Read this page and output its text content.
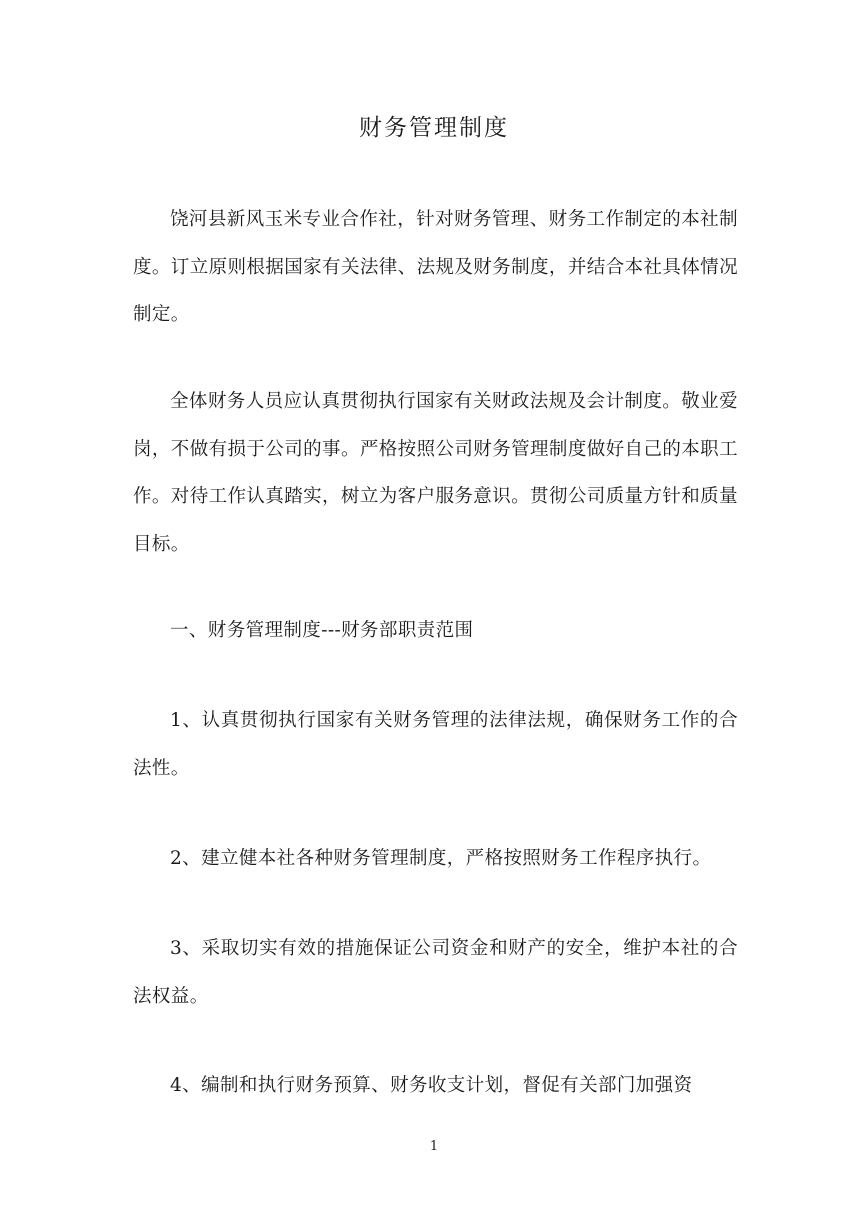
财务管理制度

饶河县新风玉米专业合作社，针对财务管理、财务工作制定的本社制度。订立原则根据国家有关法律、法规及财务制度，并结合本社具体情况制定。

全体财务人员应认真贯彻执行国家有关财政法规及会计制度。敬业爱岗，不做有损于公司的事。严格按照公司财务管理制度做好自己的本职工作。对待工作认真踏实，树立为客户服务意识。贯彻公司质量方针和质量目标。

一、财务管理制度---财务部职责范围

1、认真贯彻执行国家有关财务管理的法律法规，确保财务工作的合法性。

2、建立健本社各种财务管理制度，严格按照财务工作程序执行。

3、采取切实有效的措施保证公司资金和财产的安全，维护本社的合法权益。

4、编制和执行财务预算、财务收支计划，督促有关部门加强资

1
